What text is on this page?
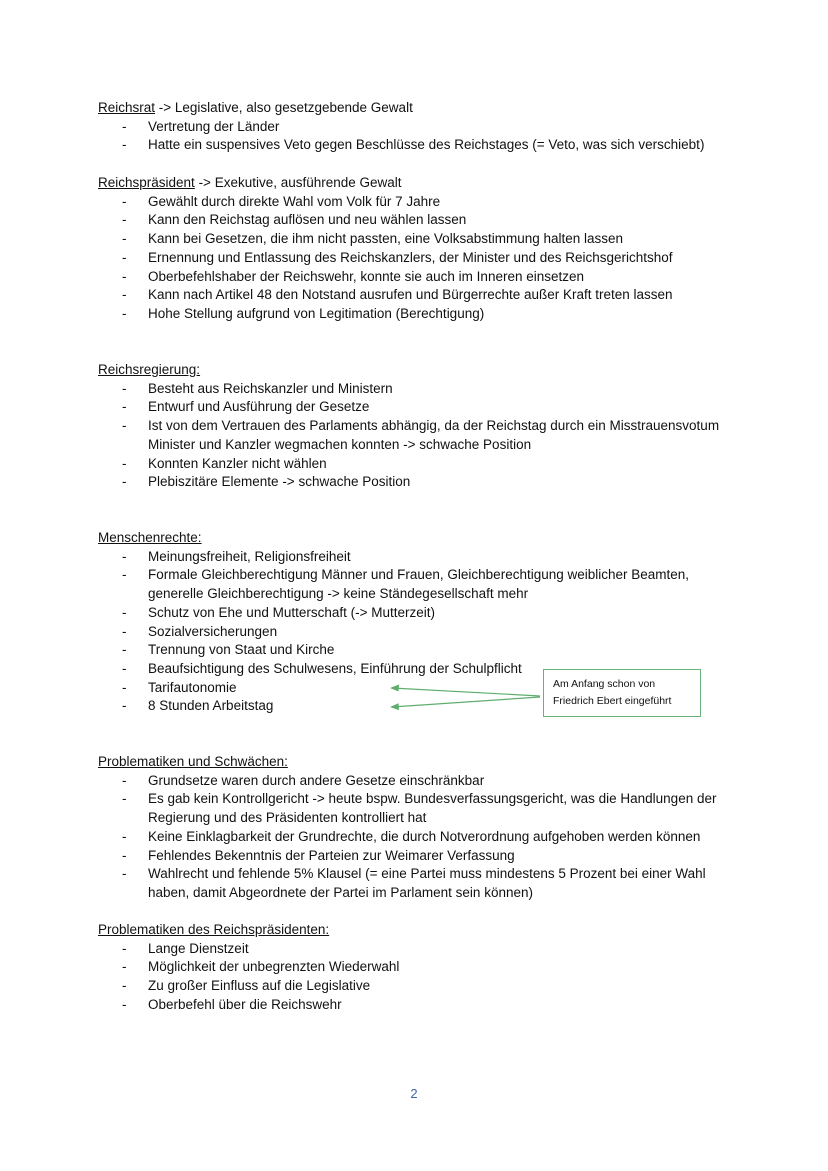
Reichsrat -> Legislative, also gesetzgebende Gewalt
- Vertretung der Länder
- Hatte ein suspensives Veto gegen Beschlüsse des Reichstages (= Veto, was sich verschiebt)
Reichspräsident -> Exekutive, ausführende Gewalt
- Gewählt durch direkte Wahl vom Volk für 7 Jahre
- Kann den Reichstag auflösen und neu wählen lassen
- Kann bei Gesetzen, die ihm nicht passten, eine Volksabstimmung halten lassen
- Ernennung und Entlassung des Reichskanzlers, der Minister und des Reichsgerichtshof
- Oberbefehlshaber der Reichswehr, konnte sie auch im Inneren einsetzen
- Kann nach Artikel 48 den Notstand ausrufen und Bürgerrechte außer Kraft treten lassen
- Hohe Stellung aufgrund von Legitimation (Berechtigung)
Reichsregierung:
- Besteht aus Reichskanzler und Ministern
- Entwurf und Ausführung der Gesetze
- Ist von dem Vertrauen des Parlaments abhängig, da der Reichstag durch ein Misstrauensvotum Minister und Kanzler wegmachen konnten -> schwache Position
- Konnten Kanzler nicht wählen
- Plebiszitäre Elemente -> schwache Position
Menschenrechte:
- Meinungsfreiheit, Religionsfreiheit
- Formale Gleichberechtigung Männer und Frauen, Gleichberechtigung weiblicher Beamten, generelle Gleichberechtigung -> keine Ständegesellschaft mehr
- Schutz von Ehe und Mutterschaft (-> Mutterzeit)
- Sozialversicherungen
- Trennung von Staat und Kirche
- Beaufsichtigung des Schulwesens, Einführung der Schulpflicht
- Tarifautonomie
- 8 Stunden Arbeitstag
Problematiken und Schwächen:
- Grundsetze waren durch andere Gesetze einschränkbar
- Es gab kein Kontrollgericht -> heute bspw. Bundesverfassungsgericht, was die Handlungen der Regierung und des Präsidenten kontrolliert hat
- Keine Einklagbarkeit der Grundrechte, die durch Notverordnung aufgehoben werden können
- Fehlendes Bekenntnis der Parteien zur Weimarer Verfassung
- Wahlrecht und fehlende 5% Klausel (= eine Partei muss mindestens 5 Prozent bei einer Wahl haben, damit Abgeordnete der Partei im Parlament sein können)
Problematiken des Reichspräsidenten:
- Lange Dienstzeit
- Möglichkeit der unbegrenzten Wiederwahl
- Zu großer Einfluss auf die Legislative
- Oberbefehl über die Reichswehr
Am Anfang schon von
Friedrich Ebert eingeführt
2
